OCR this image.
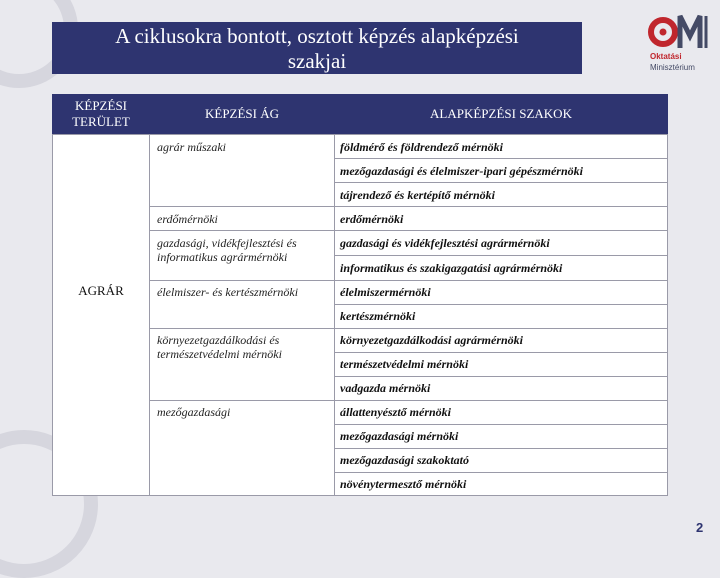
A ciklusokra bontott, osztott képzés alapképzési
szakjai	Oktatási
Minisztérium
KÉPZÉSI
TERÜLET
KÉPZÉSI ÁG	ALAPKÉPZÉSI SZAKOK
AGRÁR
agrár műszaki
erdőmérnöki
gazdasági, vidékfejlesztési és informatikus agrármérnöki
élelmiszer- és kertészmérnöki
környezetgazdálkodási és természetvédelmi mérnöki
mezőgazdasági
földmérő és földrendező mérnöki
mezőgazdasági és élelmiszer-ipari gépészmérnöki
tájrendező és kertépítő mérnöki
erdőmérnöki
gazdasági és vidékfejlesztési agrármérnöki
informatikus és szakigazgatási agrármérnöki
élelmiszermérnöki
kertészmérnöki
környezetgazdálkodási agrármérnöki
természetvédelmi mérnöki
vadgazda mérnöki
állattenyésztő mérnöki
mezőgazdasági mérnöki
mezőgazdasági szakoktató
növénytermesztő mérnöki
2
